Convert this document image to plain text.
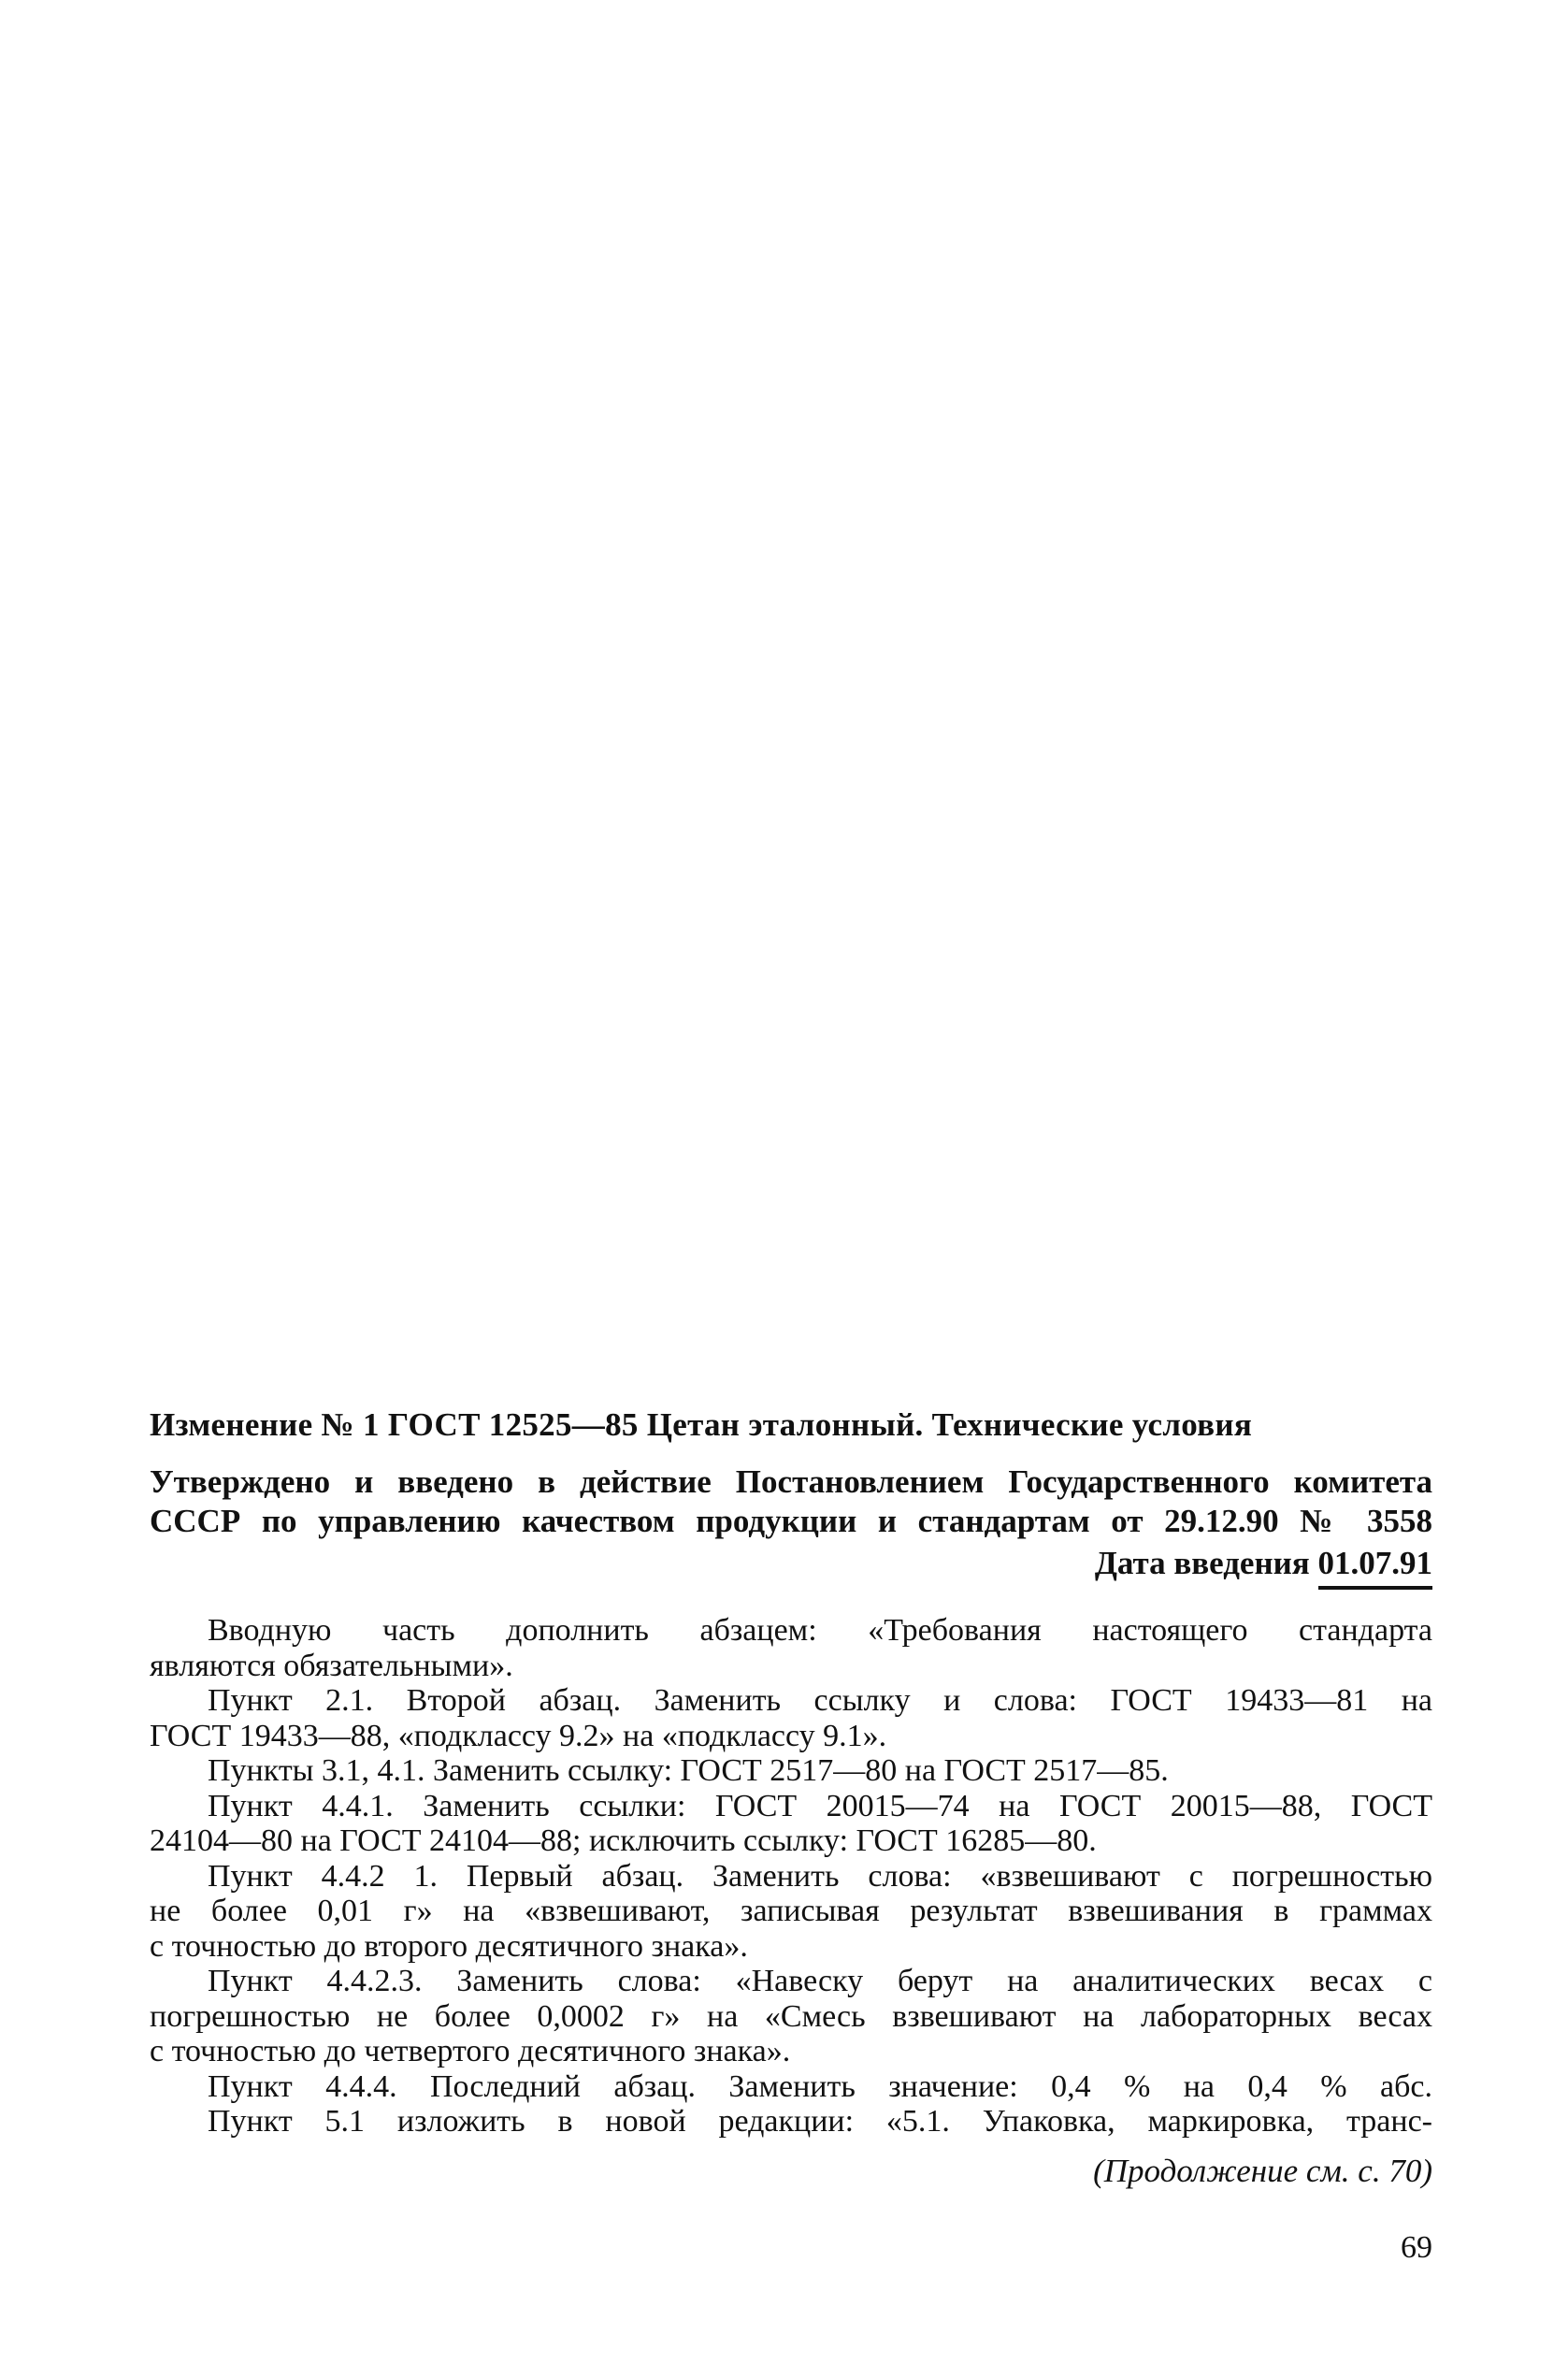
Изменение № 1 ГОСТ 12525—85 Цетан эталонный. Технические условия

Утверждено и введено в действие Постановлением Государственного комитета

СССР по управлению качеством продукции и стандартам от 29.12.90 № 3558

Дата введения 01.07.91

Вводную часть дополнить абзацем: «Требования настоящего стандарта
являются обязательными».

Пункт 2.1. Второй абзац. Заменить ссылку и слова: ГОСТ 19433—81 на
ГОСТ 19433—88, «подклассу 9.2» на «подклассу 9.1».

Пункты 3.1, 4.1. Заменить ссылку: ГОСТ 2517—80 на ГОСТ 2517—85.

Пункт 4.4.1. Заменить ссылки: ГОСТ 20015—74 на ГОСТ 20015—88, ГОСТ
24104—80 на ГОСТ 24104—88; исключить ссылку: ГОСТ 16285—80.

Пункт 4.4.2 1. Первый абзац. Заменить слова: «взвешивают с погрешностью
не более 0,01 г» на «взвешивают, записывая результат взвешивания в граммах
с точностью до второго десятичного знака».

Пункт 4.4.2.3. Заменить слова: «Навеску берут на аналитических весах с
погрешностью не более 0,0002 г» на «Смесь взвешивают на лабораторных весах
с точностью до четвертого десятичного знака».

Пункт 4.4.4. Последний абзац. Заменить значение: 0,4 % на 0,4 % абс.

Пункт 5.1 изложить в новой редакции: «5.1. Упаковка, маркировка, транс-

(Продолжение см. с. 70)
69
